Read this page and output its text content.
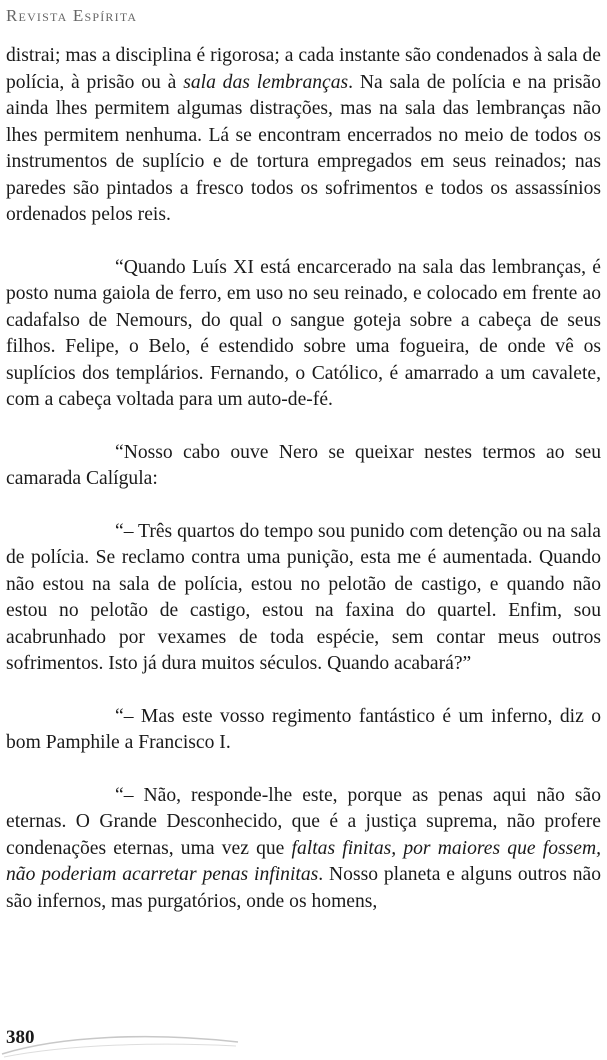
Revista Espírita

distrai; mas a disciplina é rigorosa; a cada instante são condenados à sala de polícia, à prisão ou à sala das lembranças. Na sala de polícia e na prisão ainda lhes permitem algumas distrações, mas na sala das lembranças não lhes permitem nenhuma. Lá se encontram encerrados no meio de todos os instrumentos de suplício e de tortura empregados em seus reinados; nas paredes são pintados a fresco todos os sofrimentos e todos os assassínios ordenados pelos reis.

“Quando Luís XI está encarcerado na sala das lembranças, é posto numa gaiola de ferro, em uso no seu reinado, e colocado em frente ao cadafalso de Nemours, do qual o sangue goteja sobre a cabeça de seus filhos. Felipe, o Belo, é estendido sobre uma fogueira, de onde vê os suplícios dos templários. Fernando, o Católico, é amarrado a um cavalete, com a cabeça voltada para um auto-de-fé.

“Nosso cabo ouve Nero se queixar nestes termos ao seu camarada Calígula:

“– Três quartos do tempo sou punido com detenção ou na sala de polícia. Se reclamo contra uma punição, esta me é aumentada. Quando não estou na sala de polícia, estou no pelotão de castigo, e quando não estou no pelotão de castigo, estou na faxina do quartel. Enfim, sou acabrunhado por vexames de toda espécie, sem contar meus outros sofrimentos. Isto já dura muitos séculos. Quando acabará?”

“– Mas este vosso regimento fantástico é um inferno, diz o bom Pamphile a Francisco I.

“– Não, responde-lhe este, porque as penas aqui não são eternas. O Grande Desconhecido, que é a justiça suprema, não profere condenações eternas, uma vez que faltas finitas, por maiores que fossem, não poderiam acarretar penas infinitas. Nosso planeta e alguns outros não são infernos, mas purgatórios, onde os homens,

380
